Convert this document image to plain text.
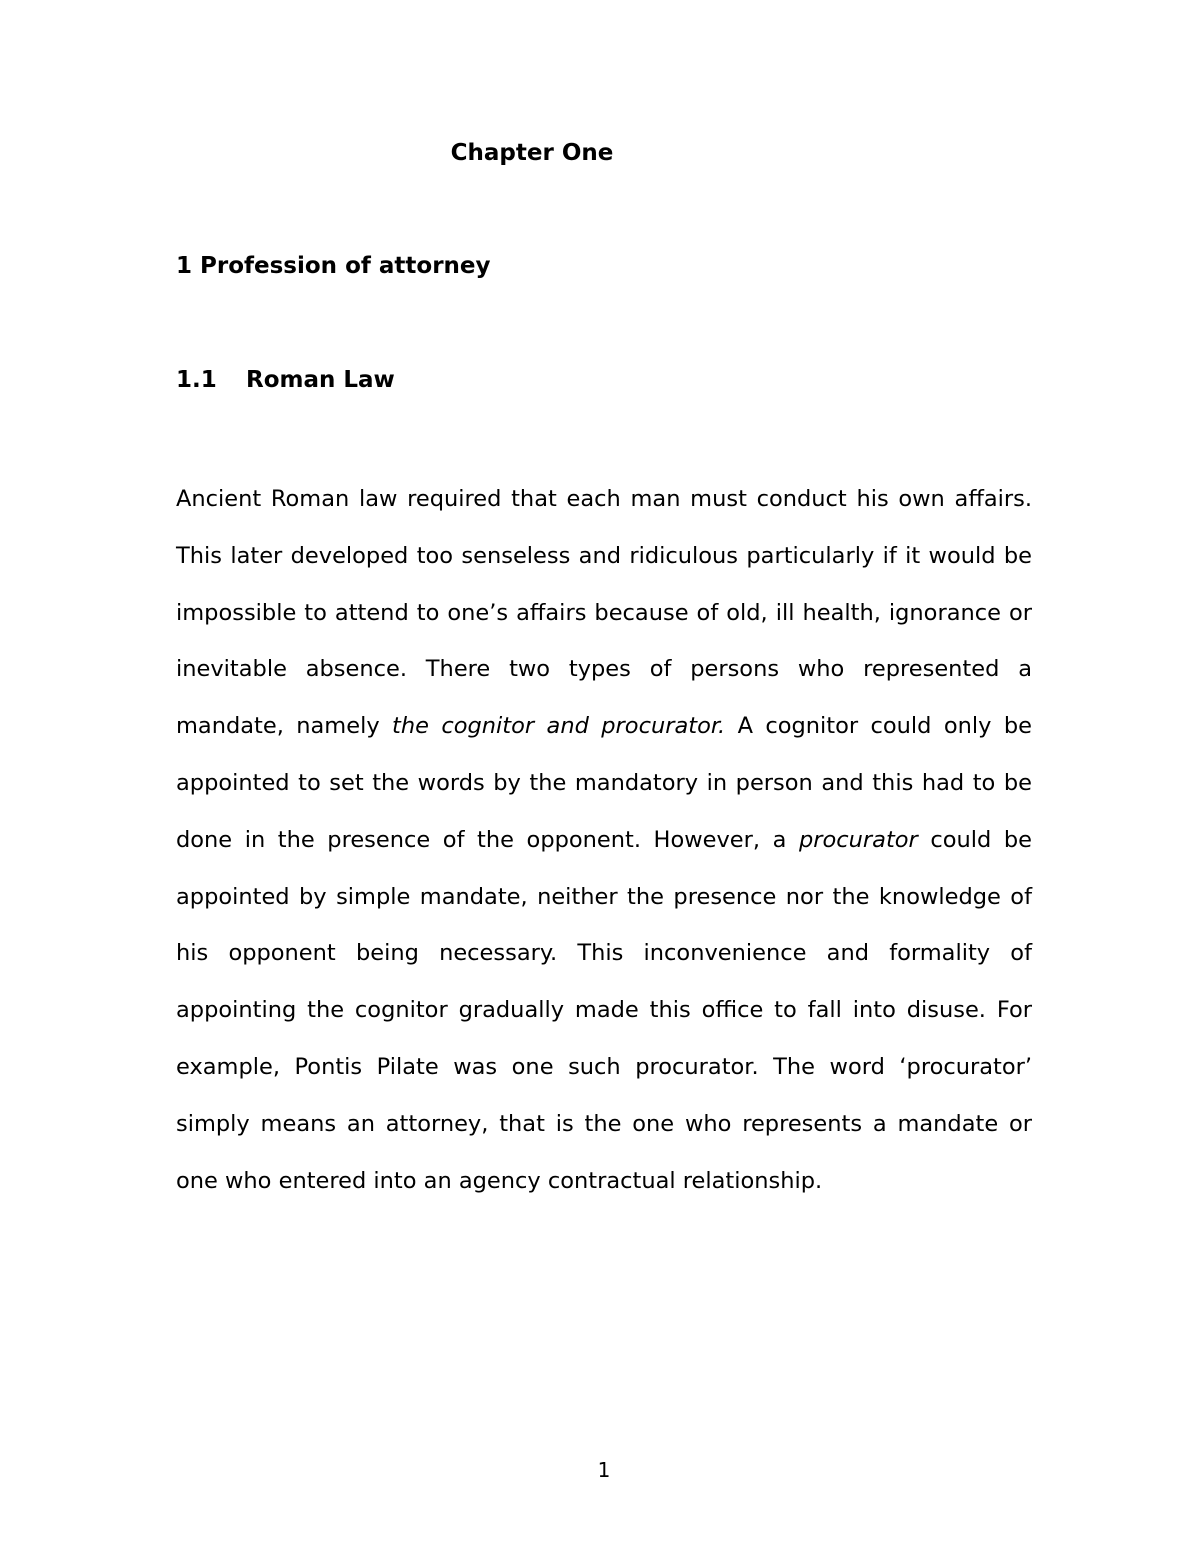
Chapter One
1 Profession of attorney
1.1 Roman Law
Ancient Roman law required that each man must conduct his own affairs. This later developed too senseless and ridiculous particularly if it would be impossible to attend to one’s affairs because of old, ill health, ignorance or inevitable absence. There two types of persons who represented a mandate, namely the cognitor and procurator. A cognitor could only be appointed to set the words by the mandatory in person and this had to be done in the presence of the opponent. However, a procurator could be appointed by simple mandate, neither the presence nor the knowledge of his opponent being necessary. This inconvenience and formality of appointing the cognitor gradually made this office to fall into disuse. For example, Pontis Pilate was one such procurator. The word ‘procurator’ simply means an attorney, that is the one who represents a mandate or one who entered into an agency contractual relationship.
1
